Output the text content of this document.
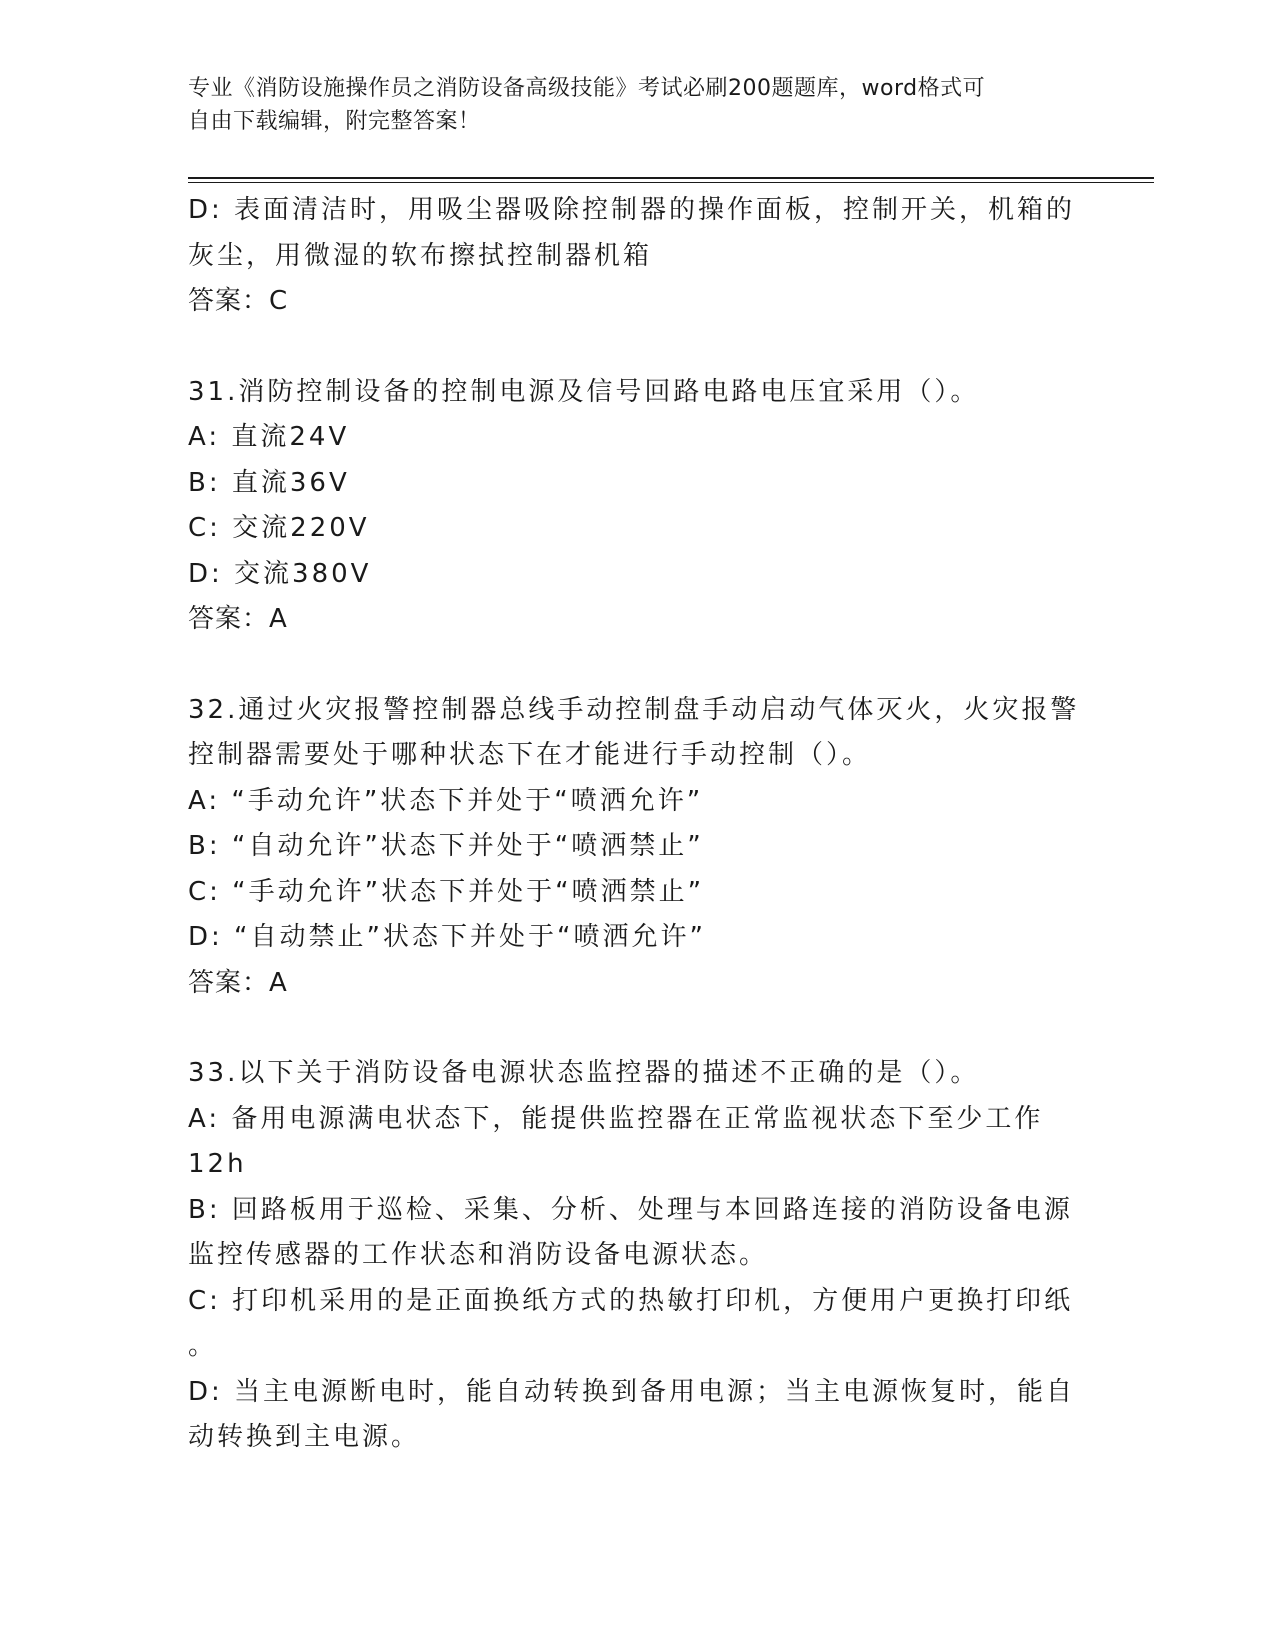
专业《消防设施操作员之消防设备高级技能》考试必刷200题题库，word格式可
自由下载编辑，附完整答案！
D: 表面清洁时，用吸尘器吸除控制器的操作面板，控制开关，机箱的
灰尘，用微湿的软布擦拭控制器机箱
答案：C
31.消防控制设备的控制电源及信号回路电路电压宜采用（）。
A: 直流24V
B: 直流36V
C: 交流220V
D: 交流380V
答案：A
32.通过火灾报警控制器总线手动控制盘手动启动气体灭火，火灾报警
控制器需要处于哪种状态下在才能进行手动控制（）。
A: “手动允许”状态下并处于“喷洒允许”
B: “自动允许”状态下并处于“喷洒禁止”
C: “手动允许”状态下并处于“喷洒禁止”
D: “自动禁止”状态下并处于“喷洒允许”
答案：A
33.以下关于消防设备电源状态监控器的描述不正确的是（）。
A: 备用电源满电状态下，能提供监控器在正常监视状态下至少工作
12h
B: 回路板用于巡检、采集、分析、处理与本回路连接的消防设备电源
监控传感器的工作状态和消防设备电源状态。
C: 打印机采用的是正面换纸方式的热敏打印机，方便用户更换打印纸
。
D: 当主电源断电时，能自动转换到备用电源；当主电源恢复时，能自
动转换到主电源。
